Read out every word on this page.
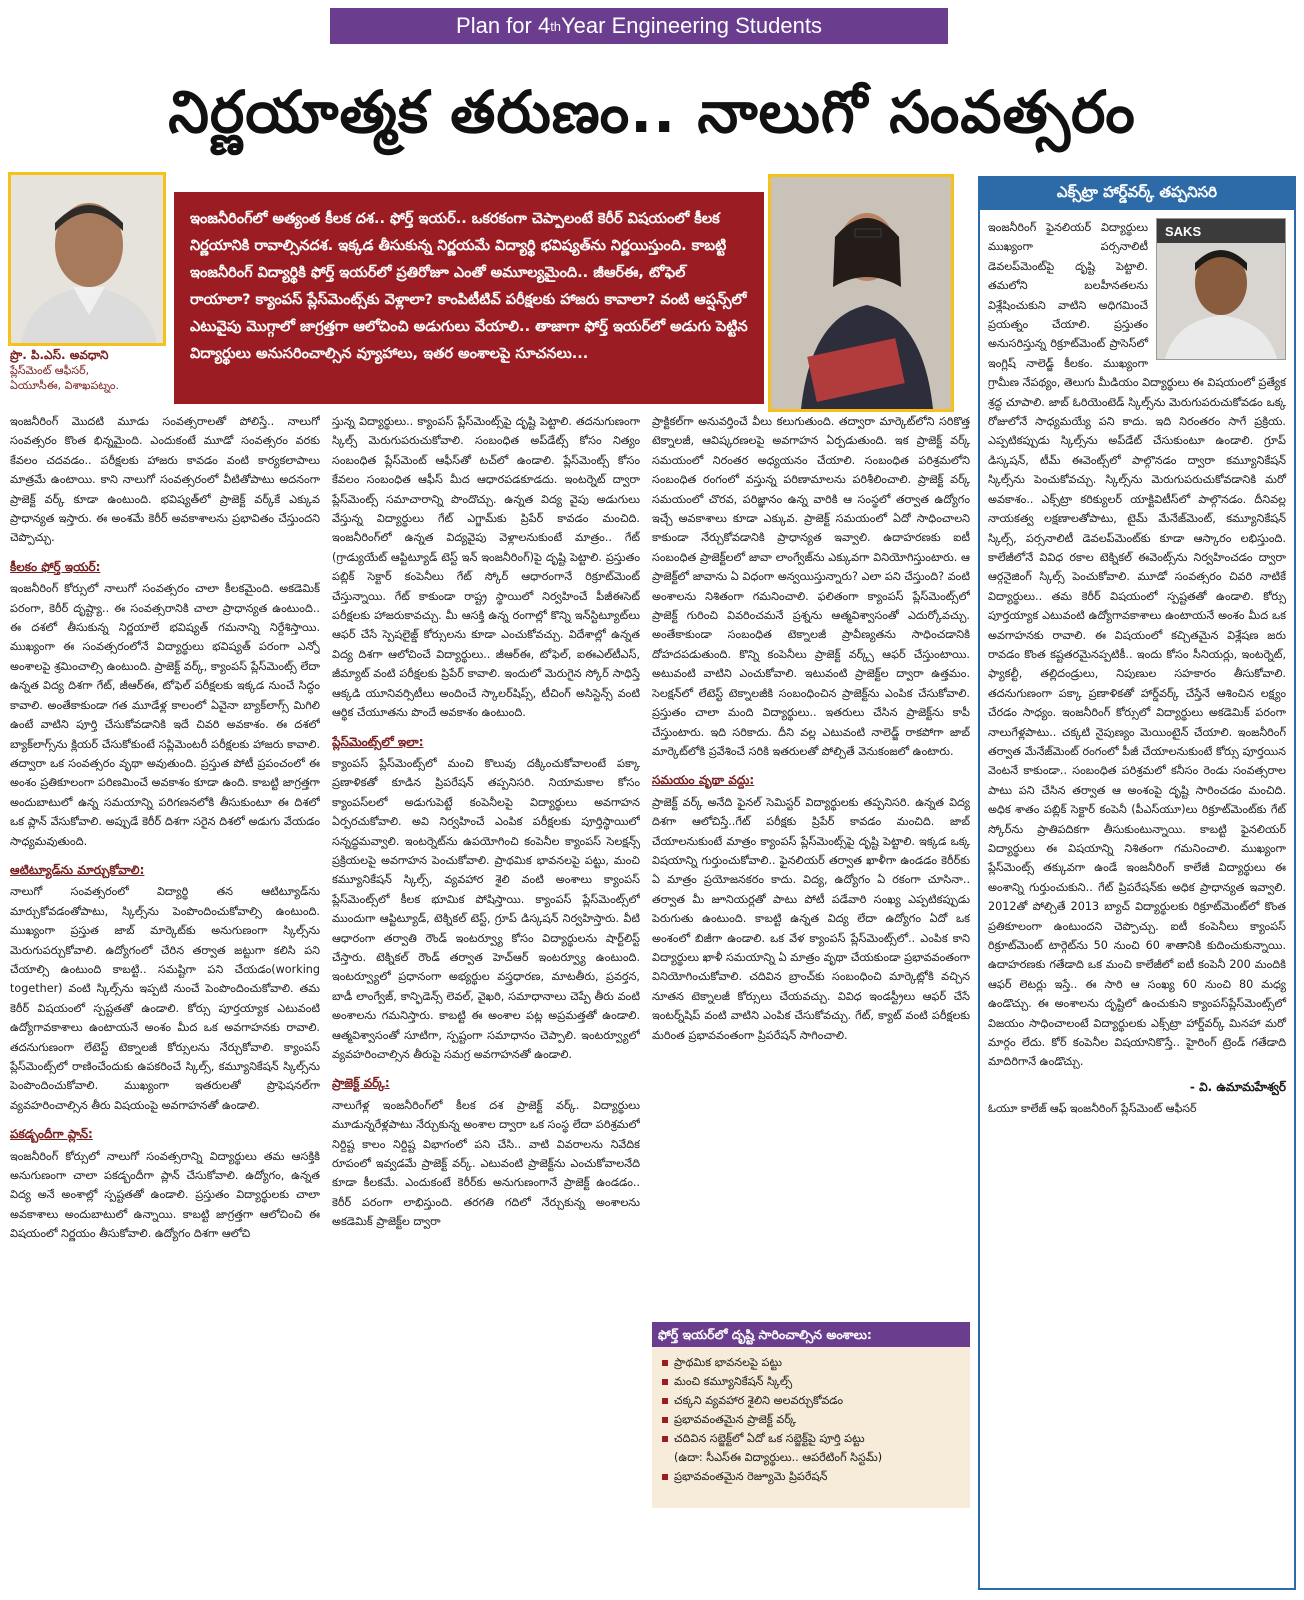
Plan for 4 th Year Engineering Students
నిర్ణయాత్మక తరుణం.. నాలుగో సంవత్సరం
ప్రొ. పి.ఎస్. అవధాని
ప్లేస్‌మెంట్ ఆఫీసర్,
ఏయూసీఈ, విశాఖపట్నం.
ఇంజనీరింగ్‌లో అత్యంత కీలక దశ.. ఫోర్త్ ఇయర్.. ఒకరకంగా చెప్పాలంటే కెరీర్ విషయంలో కీలక నిర్ణయానికి రావాల్సినదశ. ఇక్కడ తీసుకున్న నిర్ణయమే విద్యార్థి భవిష్యత్‌ను నిర్ణయిస్తుంది. కాబట్టి ఇంజనీరింగ్ విద్యార్థికి ఫోర్త్ ఇయర్‌లో ప్రతిరోజూ ఎంతో అమూల్యమైంది.. జీఆర్ఈ, టోఫెల్ రాయాలా? క్యాంపస్ ప్లేస్‌మెంట్స్‌కు వెళ్లాలా? కాంపిటీటివ్ పరీక్షలకు హాజరు కావాలా? వంటి ఆప్షన్స్‌లో ఎటువైపు మొగ్గాలో జాగ్రత్తగా ఆలోచించి అడుగులు వేయాలి.. తాజాగా ఫోర్త్ ఇయర్‌లో అడుగు పెట్టిన విద్యార్థులు అనుసరించాల్సిన వ్యూహాలు, ఇతర అంశాలపై సూచనలు...

ఇంజనీరింగ్ మొదటి మూడు సంవత్సరాలతో పోలిస్తే.. నాలుగో సంవత్సరం కొంత భిన్నమైంది. ఎందుకంటే మూడో సంవత్సరం వరకు కేవలం చదవడం.. పరీక్షలకు హాజరు కావడం వంటి కార్యకలాపాలు మాత్రమే ఉంటాయి. కాని నాలుగో సంవత్సరంలో వీటితోపాటు అదనంగా ప్రాజెక్ట్ వర్క్ కూడా ఉంటుంది. భవిష్యత్‌లో ప్రాజెక్ట్ వర్క్‌కే ఎక్కువ ప్రాధాన్యత ఇస్తారు. ఈ అంశమే కెరీర్ అవకాశాలను ప్రభావితం చేస్తుందని చెప్పొచ్చు.

కీలకం ఫోర్త్ ఇయర్:

ఇంజనీరింగ్ కోర్సులో నాలుగో సంవత్సరం చాలా కీలకమైంది. అకడెమిక్ పరంగా, కెరీర్ దృష్ట్యా.. ఈ సంవత్సరానికి చాలా ప్రాధాన్యత ఉంటుంది.. ఈ దశలో తీసుకున్న నిర్ణయాలే భవిష్యత్ గమనాన్ని నిర్దేశిస్తాయి. ముఖ్యంగా ఈ సంవత్సరంలోనే విద్యార్థులు భవిష్యత్ పరంగా ఎన్నో అంశాలపై శ్రమించాల్సి ఉంటుంది. ప్రాజెక్ట్ వర్క్, క్యాంపస్ ప్లేస్‌మెంట్స్ లేదా ఉన్నత విద్య దిశగా గేట్, జీఆర్ఈ, టోఫెల్ పరీక్షలకు ఇక్కడ నుంచే సిద్ధం కావాలి. అంతేకాకుండా గత మూడేళ్ల కాలంలో ఏవైనా బ్యాక్‌లాగ్స్ మిగిలి ఉంటే వాటిని పూర్తి చేసుకోవడానికి ఇదే చివరి అవకాశం. ఈ దశలో బ్యాక్‌లాగ్స్‌ను క్లియర్ చేసుకోకుంటే సప్లిమెంటరీ పరీక్షలకు హాజరు కావాలి. తద్వారా ఒక సంవత్సరం వృథా అవుతుంది. ప్రస్తుత పోటీ ప్రపంచంలో ఈ అంశం ప్రతికూలంగా పరిణమించే అవకాశం కూడా ఉంది. కాబట్టి జాగ్రత్తగా అందుబాటులో ఉన్న సమయాన్ని పరిగణనలోకి తీసుకుంటూ ఈ దిశలో ఒక ప్లాన్ వేసుకోవాలి. అప్పుడే కెరీర్ దిశగా సరైన దిశలో అడుగు వేయడం సాధ్యమవుతుంది.

ఆటిట్యూడ్‌ను మార్చుకోవాలి:

నాలుగో సంవత్సరంలో విద్యార్థి తన ఆటిట్యూడ్‌ను మార్చుకోవడంతోపాటు, స్కిల్స్‌ను పెంపొందించుకోవాల్సి ఉంటుంది. ముఖ్యంగా ప్రస్తుత జాబ్ మార్కెట్‌కు అనుగుణంగా స్కిల్స్‌ను మెరుగుపర్చుకోవాలి. ఉద్యోగంలో చేరిన తర్వాత జట్టుగా కలిసి పని చేయాల్సి ఉంటుంది కాబట్టి.. సమష్టిగా పని చేయడం(working together) వంటి స్కిల్స్‌ను ఇప్పటి నుంచే పెంపొందించుకోవాలి. తమ కెరీర్ విషయంలో స్పష్టతతో ఉండాలి. కోర్సు పూర్తయ్యాక ఎటువంటి ఉద్యోగావకాశాలు ఉంటాయనే అంశం మీద ఒక అవగాహనకు రావాలి. తదనుగుణంగా లేటెస్ట్ టెక్నాలజీ కోర్సులను నేర్చుకోవాలి. క్యాంపస్ ప్లేస్‌మెంట్స్‌లో రాణించేందుకు ఉపకరించే స్కిల్స్, కమ్యూనికేషన్ స్కిల్స్‌ను పెంపొందించుకోవాలి. ముఖ్యంగా ఇతరులతో ప్రొఫెషనల్‌గా వ్యవహరించాల్సిన తీరు విషయంపై అవగాహనతో ఉండాలి.

పకడ్బందీగా ప్లాన్:

ఇంజనీరింగ్ కోర్సులో నాలుగో సంవత్సరాన్ని విద్యార్థులు తమ ఆసక్తికి అనుగుణంగా చాలా పకడ్బందీగా ప్లాన్ చేసుకోవాలి. ఉద్యోగం, ఉన్నత విద్య అనే అంశాల్లో స్పష్టతతో ఉండాలి. ప్రస్తుతం విద్యార్థులకు చాలా అవకాశాలు అందుబాటులో ఉన్నాయి. కాబట్టి జాగ్రత్తగా ఆలోచించి ఈ విషయంలో నిర్ణయం తీసుకోవాలి. ఉద్యోగం దిశగా ఆలోచి

స్తున్న విద్యార్థులు.. క్యాంపస్ ప్లేస్‌మెంట్స్‌పై దృష్టి పెట్టాలి. తదనుగుణంగా స్కిల్స్ మెరుగుపరుచుకోవాలి. సంబంధిత అప్‌డేట్స్ కోసం నిత్యం సంబంధిత ప్లేస్‌మెంట్ ఆఫీస్‌తో టచ్‌లో ఉండాలి. ప్లేస్‌మెంట్స్ కోసం కేవలం సంబంధిత ఆఫీస్ మీద ఆధారపడకూడదు. ఇంటర్నెట్ ద్వారా ప్లేస్‌మెంట్స్ సమాచారాన్ని పొందొచ్చు. ఉన్నత విద్య వైపు అడుగులు వేస్తున్న విద్యార్థులు గేట్ ఎగ్జామ్‌కు ప్రిపేర్ కావడం మంచిది. ఇంజనీరింగ్‌లో ఉన్నత విద్యవైపు వెళ్లాలనుకుంటే మాత్రం.. గేట్ (గ్రాడ్యుయేట్ ఆప్టిట్యూడ్ టెస్ట్ ఇన్ ఇంజనీరింగ్)పై దృష్టి పెట్టాలి. ప్రస్తుతం పబ్లిక్ సెక్టార్ కంపెనీలు గేట్ స్కోర్ ఆధారంగానే రిక్రూట్‌మెంట్ చేస్తున్నాయి. గేట్ కాకుండా రాష్ట్ర స్థాయిలో నిర్వహించే పీజీఈసెట్ పరీక్షలకు హాజరుకావచ్చు. మీ ఆసక్తి ఉన్న రంగాల్లో కొన్ని ఇన్‌స్టిట్యూట్‌లు ఆఫర్ చేసే స్పెషలైజ్డ్ కోర్సులను కూడా ఎంచుకోవచ్చు. విదేశాల్లో ఉన్నత విద్య దిశగా ఆలోచించే విద్యార్థులు.. జీఆర్ఈ, టోఫెల్, ఐఈఎల్‌టీఎస్, జీమ్యాట్ వంటి పరీక్షలకు ప్రిపేర్ కావాలి. ఇందులో మెరుగైన స్కోర్ సాధిస్తే ఆక్కడి యూనివర్సిటీలు అందించే స్కాలర్‌షిప్స్, టీచింగ్ అసిస్టెన్స్ వంటి ఆర్థిక చేయూతను పొందే అవకాశం ఉంటుంది.

ప్లేస్‌మెంట్స్‌లో ఇలా:

క్యాంపస్ ప్లేస్‌మెంట్స్‌లో మంచి కొలువు దక్కించుకోవాలంటే పక్కా ప్రణాళికతో కూడిన ప్రిపరేషన్ తప్పనిసరి. నియామకాల కోసం క్యాంపస్‌లలో అడుగుపెట్టే కంపెనీలపై విద్యార్థులు అవగాహన ఏర్పరచుకోవాలి. అవి నిర్వహించే ఎంపిక పరీక్షలకు పూర్తిస్థాయిలో సన్నద్ధమవ్వాలి. ఇంటర్నెట్‌ను ఉపయోగించి కంపెనీల క్యాంపస్ సెలక్షన్స్ ప్రక్రియలపై అవగాహన పెంచుకోవాలి. ప్రాథమిక భావనలపై పట్టు, మంచి కమ్యూనికేషన్ స్కిల్స్, వ్యవహార శైలి వంటి అంశాలు క్యాంపస్ ప్లేస్‌మెంట్స్‌లో కీలక భూమిక పోషిస్తాయి. క్యాంపస్ ప్లేస్‌మెంట్స్‌లో ముందుగా ఆప్టిట్యూడ్, టెక్నికల్ టెస్ట్, గ్రూప్ డిస్కషన్ నిర్వహిస్తారు. వీటి ఆధారంగా తర్వాతి రౌండ్ ఇంటర్వ్యూ కోసం విద్యార్థులను షార్ట్‌లిస్ట్ చేస్తారు. టెక్నికల్ రౌండ్ తర్వాత హెచ్ఆర్ ఇంటర్వ్యూ ఉంటుంది. ఇంటర్వ్యూలో ప్రధానంగా అభ్యర్థుల వస్త్రధారణ, మాటతీరు, ప్రవర్తన, బాడీ లాంగ్వేజ్, కాన్ఫిడెన్స్ లెవల్, వైఖరి, సమాధానాలు చెప్పే తీరు వంటి అంశాలను గమనిస్తారు. కాబట్టి ఈ అంశాల పట్ల అప్రమత్తతో ఉండాలి. ఆత్మవిశ్వాసంతో సూటిగా, స్పష్టంగా సమాధానం చెప్పాలి. ఇంటర్వ్యూలో వ్యవహరించాల్సిన తీరుపై సమగ్ర అవగాహనతో ఉండాలి.

ప్రాజెక్ట్ వర్క్:

నాలుగేళ్ల ఇంజనీరింగ్‌లో కీలక దశ ప్రాజెక్ట్ వర్క్. విద్యార్థులు మూడున్నరేళ్లపాటు నేర్చుకున్న అంశాల ద్వారా ఒక సంస్థ లేదా పరిశ్రమలో నిర్దిష్ట కాలం నిర్దిష్ట విభాగంలో పని చేసి.. వాటి వివరాలను నివేదిక రూపంలో ఇవ్వడమే ప్రాజెక్ట్ వర్క్. ఎటువంటి ప్రాజెక్ట్‌ను ఎంచుకోవాలనేది కూడా కీలకమే. ఎందుకంటే కెరీర్‌కు అనుగుణంగానే ప్రాజెక్ట్ ఉండడం.. కెరీర్ పరంగా లాభిస్తుంది. తరగతి గదిలో నేర్చుకున్న అంశాలను అకడెమిక్ ప్రాజెక్ట్‌ల ద్వారా

ప్రాక్టికల్‌గా అనువర్తించే వీలు కలుగుతుంది. తద్వారా మార్కెట్‌లోని సరికొత్త టెక్నాలజీ, ఆవిష్కరణలపై అవగాహన ఏర్పడుతుంది. ఇక ప్రాజెక్ట్ వర్క్ సమయంలో నిరంతర అధ్యయనం చేయాలి. సంబంధిత పరిశ్రమలోని సంబంధిత రంగంలో వస్తున్న పరిణామాలను పరిశీలించాలి. ప్రాజెక్ట్ వర్క్ సమయంలో చొరవ, పరిజ్ఞానం ఉన్న వారికి ఆ సంస్థలో తర్వాత ఉద్యోగం ఇచ్చే అవకాశాలు కూడా ఎక్కువ. ప్రాజెక్ట్ సమయంలో ఏదో సాధించాలని కాకుండా నేర్చుకోవడానికి ప్రాధాన్యత ఇవ్వాలి. ఉదాహరణకు ఐటీ సంబంధిత ప్రాజెక్ట్‌లలో జావా లాంగ్వేజ్‌ను ఎక్కువగా వినియోగిస్తుంటారు. ఆ ప్రాజెక్ట్‌లో జావాను ఏ విధంగా అన్వయిస్తున్నారు? ఎలా పని చేస్తుంది? వంటి అంశాలను నిశితంగా గమనించాలి. ఫలితంగా క్యాంపస్ ప్లేస్‌మెంట్స్‌లో ప్రాజెక్ట్ గురించి వివరించమనే ప్రశ్నను ఆత్మవిశ్వాసంతో ఎదుర్కోవచ్చు. అంతేకాకుండా సంబంధిత టెక్నాలజీ ప్రావీణ్యతను సాధించడానికి దోహదపడుతుంది. కొన్ని కంపెనీలు ప్రాజెక్ట్ వర్క్స్ ఆఫర్ చేస్తుంటాయి. అటువంటి వాటిని ఎంచుకోవాలి. ఇటువంటి ప్రాజెక్ట్‌ల ద్వారా ఉత్తమం. సెలక్షన్‌లో లేటెస్ట్ టెక్నాలజీకి సంబంధించిన ప్రాజెక్ట్‌ను ఎంపిక చేసుకోవాలి. ప్రస్తుతం చాలా మంది విద్యార్థులు.. ఇతరులు చేసిన ప్రాజెక్ట్‌ను కాపీ చేస్తుంటారు. ఇది సరికాదు. దీని వల్ల ఎటువంటి నాలెడ్జ్ రాకపోగా జాబ్ మార్కెట్‌లోకి ప్రవేశించే సరికి ఇతరులతో పోల్చితే వెనుకంజలో ఉంటారు.

సమయం వృథా వద్దు:

ప్రాజెక్ట్ వర్క్ అనేది ఫైనల్ సెమిస్టర్ విద్యార్థులకు తప్పనిసరి. ఉన్నత విద్య దిశగా ఆలోచిస్తే..గేట్ పరీక్షకు ప్రిపేర్ కావడం మంచిది. జాబ్ చేయాలనుకుంటే మాత్రం క్యాంపస్ ప్లేస్‌మెంట్స్‌పై దృష్టి పెట్టాలి. ఇక్కడ ఒక్క విషయాన్ని గుర్తుంచుకోవాలి.. ఫైనలియర్ తర్వాత ఖాళీగా ఉండడం కెరీర్‌కు ఏ మాత్రం ప్రయోజనకరం కాదు. విద్య, ఉద్యోగం ఏ రకంగా చూసినా.. తర్వాత మీ జూనియర్లతో పాటు పోటీ పడేవారి సంఖ్య ఎప్పటికప్పుడు పెరుగుతు ఉంటుంది. కాబట్టి ఉన్నత విద్య లేదా ఉద్యోగం ఏదో ఒక అంశంలో బిజీగా ఉండాలి. ఒక వేళ క్యాంపస్ ప్లేస్‌మెంట్స్‌లో.. ఎంపిక కాని విద్యార్థులు ఖాళీ సమయాన్ని ఏ మాత్రం వృథా చేయకుండా ప్రభావవంతంగా వినియోగించుకోవాలి. చదివిన బ్రాంచ్‌కు సంబంధించి మార్కెట్లోకి వచ్చిన నూతన టెక్నాలజీ కోర్సులు చేయవచ్చు. వివిధ ఇండస్ట్రీలు ఆఫర్ చేసే ఇంటర్న్‌షిప్ వంటి వాటిని ఎంపిక చేసుకోవచ్చు. గేట్, క్యాట్ వంటి పరీక్షలకు మరింత ప్రభావవంతంగా ప్రిపరేషన్ సాగించాలి.

ఫోర్త్ ఇయర్‌లో దృష్టి సారించాల్సిన అంశాలు:
ప్రాథమిక భావనలపై పట్టు
మంచి కమ్యూనికేషన్ స్కిల్స్
చక్కని వ్యవహార శైలిని అలవర్చుకోవడం
ప్రభావవంతమైన ప్రాజెక్ట్ వర్క్
చదివిన సబ్జెక్ట్‌లో ఏదో ఒక సబ్జెక్ట్‌పై పూర్తి పట్టు
(ఉదా: సీఎస్ఈ విద్యార్థులు.. ఆపరేటింగ్ సిస్టమ్)
ప్రభావవంతమైన రెజ్యూమె ప్రిపరేషన్
ఎక్స్‌ట్రా హార్డ్‌వర్క్ తప్పనిసరి
SAKS
ఇంజనీరింగ్ ఫైనలియర్ విద్యార్థులు ముఖ్యంగా పర్సనాలిటీ డెవలప్‌మెంట్‌పై దృష్టి పెట్టాలి. తమలోని బలహీనతలను విశ్లేషించుకుని వాటిని అధిగమించే ప్రయత్నం చేయాలి. ప్రస్తుతం అనుసరిస్తున్న రిక్రూట్‌మెంట్ ప్రాసెస్‌లో ఇంగ్లిష్ నాలెడ్జ్ కీలకం. ముఖ్యంగా గ్రామీణ నేపథ్యం, తెలుగు మీడియం విద్యార్థులు ఈ విషయంలో ప్రత్యేక శ్రద్ధ చూపాలి. జాబ్ ఓరియెంటెడ్ స్కిల్స్‌ను మెరుగుపరుచుకోవడం ఒక్క రోజులోనే సాధ్యమయ్యే పని కాదు. ఇది నిరంతరం సాగే ప్రక్రియ. ఎప్పటికప్పుడు స్కిల్స్‌ను అప్‌డేట్ చేసుకుంటూ ఉండాలి. గ్రూప్ డిస్కషన్, టీమ్ ఈవెంట్స్‌లో పాల్గొనడం ద్వారా కమ్యూనికేషన్ స్కిల్స్‌ను పెంచుకోవచ్చు. స్కిల్స్‌ను మెరుగుపరుచుకోవడానికి మరో అవకాశం.. ఎక్స్‌ట్రా కరిక్యులర్ యాక్టివిటీస్‌లో పాల్గొనడం. దీనివల్ల నాయకత్వ లక్షణాలతోపాటు, టైమ్ మేనేజ్‌మెంట్, కమ్యూనికేషన్ స్కిల్స్, పర్సనాలిటీ డెవలప్‌మెంట్‌కు కూడా ఆస్కారం లభిస్తుంది. కాలేజీలోనే వివిధ రకాల టెక్నికల్ ఈవెంట్స్‌ను నిర్వహించడం ద్వారా ఆర్గనైజింగ్ స్కిల్స్ పెంచుకోవాలి. మూడో సంవత్సరం చివరి నాటికే విద్యార్థులు.. తమ కెరీర్ విషయంలో స్పష్టతతో ఉండాలి. కోర్సు పూర్తయ్యాక ఎటువంటి ఉద్యోగావకాశాలు ఉంటాయనే అంశం మీద ఒక అవగాహనకు రావాలి. ఈ విషయంలో కచ్చితమైన విశ్లేషణ జరు రావడం కొంత కష్టతరమైనప్పటికీ.. ఇందు కోసం సీనియర్లు, ఇంటర్నెట్, ఫ్యాకల్టీ, తల్లిదండ్రులు, నిపుణుల సహకారం తీసుకోవాలి. తదనుగుణంగా పక్కా ప్రణాళికతో హార్డ్‌వర్క్ చేస్తేనే ఆశించిన లక్ష్యం చేరడం సాధ్యం. ఇంజనీరింగ్ కోర్సులో విద్యార్థులు అకడెమిక్ పరంగా నాలుగేళ్లపాటు.. చక్కటి నైపుణ్యం మెయింటైన్ చేయాలి. ఇంజనీరింగ్ తర్వాత మేనేజ్‌మెంట్ రంగంలో పీజీ చేయాలనుకుంటే కోర్సు పూర్తయిన వెంటనే కాకుండా.. సంబంధిత పరిశ్రమలో కనీసం రెండు సంవత్సరాల పాటు పని చేసిన తర్వాత ఆ అంశంపై దృష్టి సారించడం మంచిది. అధిక శాతం పబ్లిక్ సెక్టార్ కంపెనీ (పీఎస్‌యూ)లు రిక్రూట్‌మెంట్‌కు గేట్ స్కోర్‌ను ప్రాతిపదికగా తీసుకుంటున్నాయి. కాబట్టి ఫైనలియర్ విద్యార్థులు ఈ విషయాన్ని నిశితంగా గమనించాలి. ముఖ్యంగా ప్లేస్‌మెంట్స్ తక్కువగా ఉండే ఇంజనీరింగ్ కాలేజీ విద్యార్థులు ఈ అంశాన్ని గుర్తుంచుకుని.. గేట్ ప్రిపరేషన్‌కు అధిక ప్రాధాన్యత ఇవ్వాలి. 2012తో పోల్చితే 2013 బ్యాచ్ విద్యార్థులకు రిక్రూట్‌మెంట్‌లో కొంత ప్రతికూలంగా ఉంటుందని చెప్పొచ్చు. ఐటీ కంపెనీలు క్యాంపస్ రిక్రూట్‌మెంట్ టార్గెట్‌ను 50 నుంచి 60 శాతానికి కుదించుకున్నాయి. ఉదాహరణకు గతేడాది ఒక మంచి కాలేజీలో ఐటీ కంపెనీ 200 మందికి ఆఫర్ లెటర్లు ఇస్తే.. ఈ సారి ఆ సంఖ్య 60 నుంచి 80 మధ్య ఉండొచ్చు. ఈ అంశాలను దృష్టిలో ఉంచుకుని క్యాంపస్‌ప్లేస్‌మెంట్స్‌లో విజయం సాధించాలంటే విద్యార్థులకు ఎక్స్‌ట్రా హార్డ్‌వర్క్ మినహా మరో మార్గం లేదు. కోర్ కంపెనీల విషయానికొస్తే.. హైరింగ్ ట్రెండ్ గతేడాది మాదిరిగానే ఉండొచ్చు.
- వి. ఉమామహేశ్వర్
ఓయూ కాలేజ్ ఆఫ్ ఇంజనీరింగ్ ప్లేస్‌మెంట్ ఆఫీసర్
